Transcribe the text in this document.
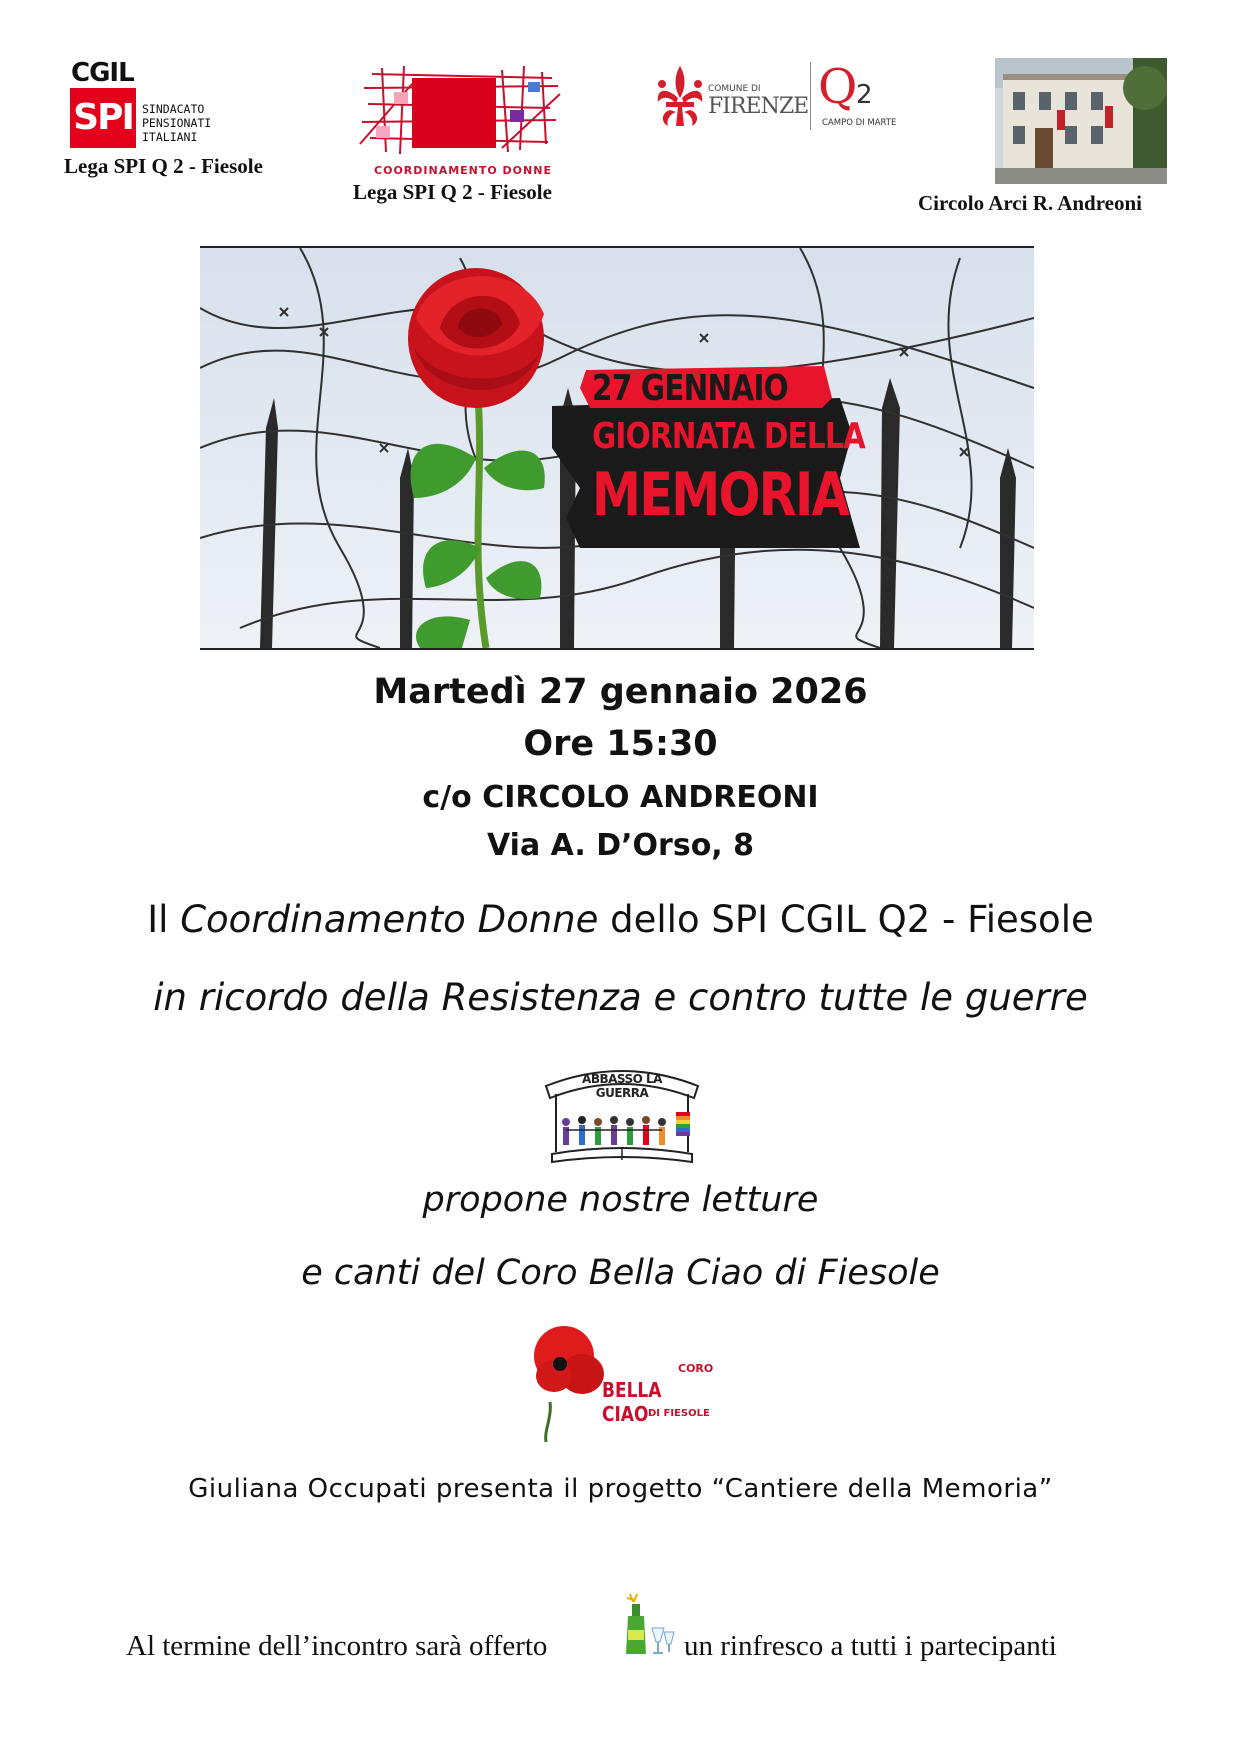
CGIL
SPI SINDACATO
PENSIONATI
ITALIANI
Lega SPI Q 2 - Fiesole	COORDINAMENTO DONNE
Lega SPI Q 2 - Fiesole
COMUNE DI
FIRENZE Q
2
CAMPO DI MARTE
Circolo Arci R. Andreoni
27 GENNAIO
GIORNATA DELLA
MEMORIA
Martedì 27 gennaio 2026
Ore 15:30
c/o CIRCOLO ANDREONI
Via A. D’Orso, 8
Il Coordinamento Donne dello SPI CGIL Q2 - Fiesole
in ricordo della Resistenza e contro tutte le guerre
ABBASSO LA GUERRA
propone nostre letture
e canti del Coro Bella Ciao di Fiesole
CORO
BELLA CIAO DI FIESOLE
Giuliana Occupati presenta il progetto “Cantiere della Memoria”
Al termine dell’incontro sarà offerto	un rinfresco a tutti i partecipanti
